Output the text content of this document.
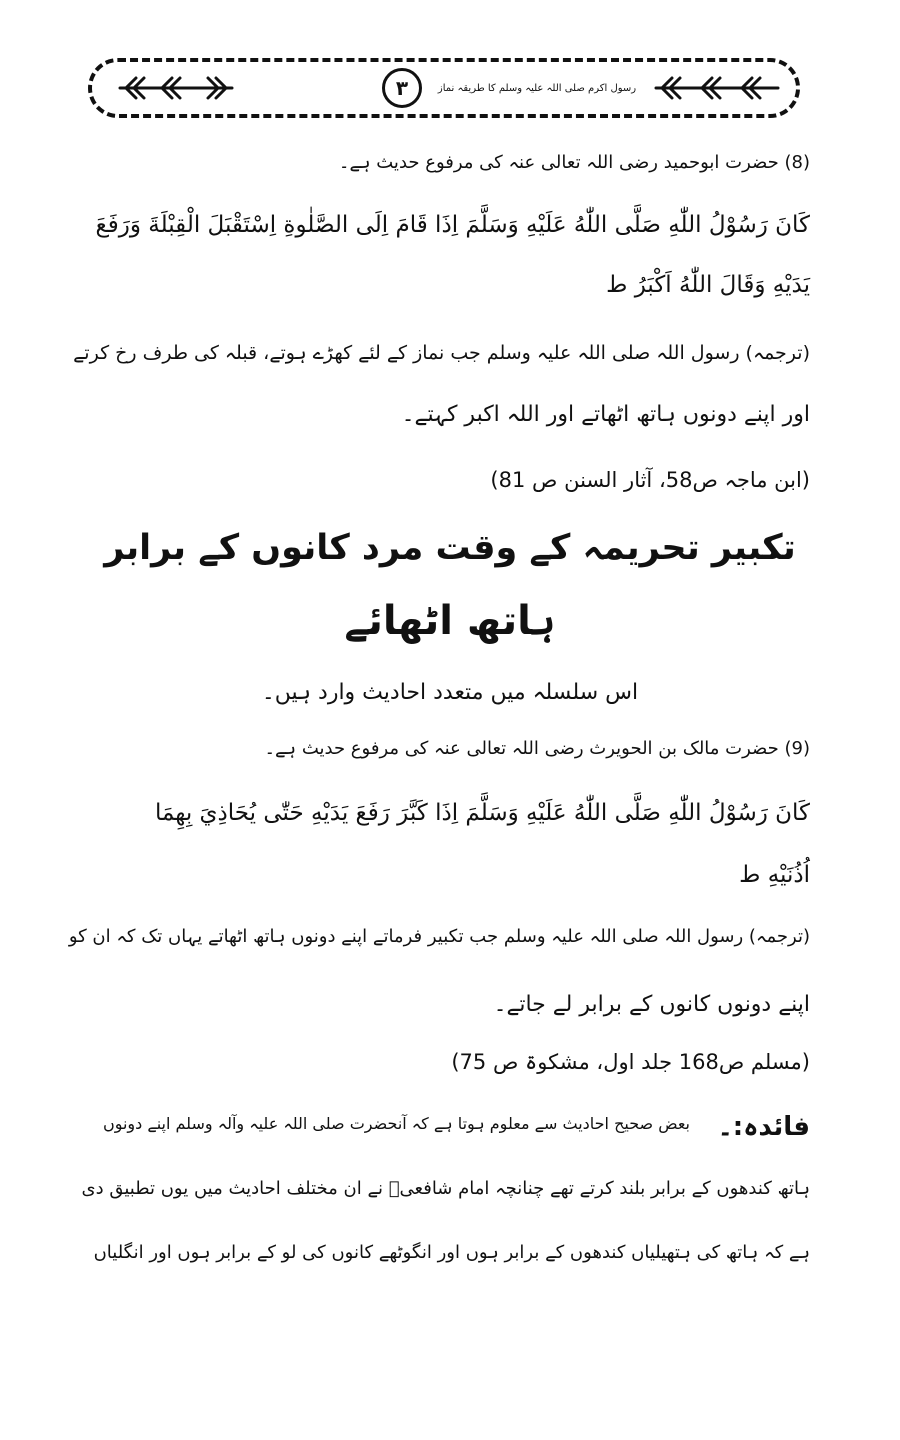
۳	رسول اکرم صلی اللہ علیہ وسلم کا طریقہ نماز
(8) حضرت ابوحمید رضی اللہ تعالی عنہ کی مرفوع حدیث ہے۔
كَانَ رَسُوْلُ اللّٰهِ صَلَّى اللّٰهُ عَلَيْهِ وَسَلَّمَ اِذَا قَامَ اِلَى الصَّلٰوةِ اِسْتَقْبَلَ الْقِبْلَةَ وَرَفَعَ
يَدَيْهِ وَقَالَ اللّٰهُ اَكْبَرُ ط
(ترجمہ) رسول اللہ صلی اللہ علیہ وسلم جب نماز کے لئے کھڑے ہوتے، قبلہ کی طرف رخ کرتے
اور اپنے دونوں ہاتھ اٹھاتے اور اللہ اکبر کہتے۔
(ابن ماجہ ص58، آثار السنن ص 81)
تکبیر تحریمہ کے وقت مرد کانوں کے برابر
ہاتھ اٹھائے
اس سلسلہ میں متعدد احادیث وارد ہیں۔
(9) حضرت مالک بن الحویرث رضی اللہ تعالی عنہ کی مرفوع حدیث ہے۔
كَانَ رَسُوْلُ اللّٰهِ صَلَّى اللّٰهُ عَلَيْهِ وَسَلَّمَ اِذَا كَبَّرَ رَفَعَ يَدَيْهِ حَتّٰى يُحَاذِيَ بِهِمَا
اُذُنَيْهِ ط
(ترجمہ) رسول اللہ صلی اللہ علیہ وسلم جب تکبیر فرماتے اپنے دونوں ہاتھ اٹھاتے یہاں تک کہ ان کو
اپنے دونوں کانوں کے برابر لے جاتے۔
(مسلم ص168 جلد اول، مشکوۃ ص 75)
فائدہ:۔
بعض صحیح احادیث سے معلوم ہوتا ہے کہ آنحضرت صلی اللہ علیہ وآلہ وسلم اپنے دونوں
ہاتھ کندھوں کے برابر بلند کرتے تھے چنانچہ امام شافعیؒ نے ان مختلف احادیث میں یوں تطبیق دی
ہے کہ ہاتھ کی ہتھیلیاں کندھوں کے برابر ہوں اور انگوٹھے کانوں کی لو کے برابر ہوں اور انگلیاں
